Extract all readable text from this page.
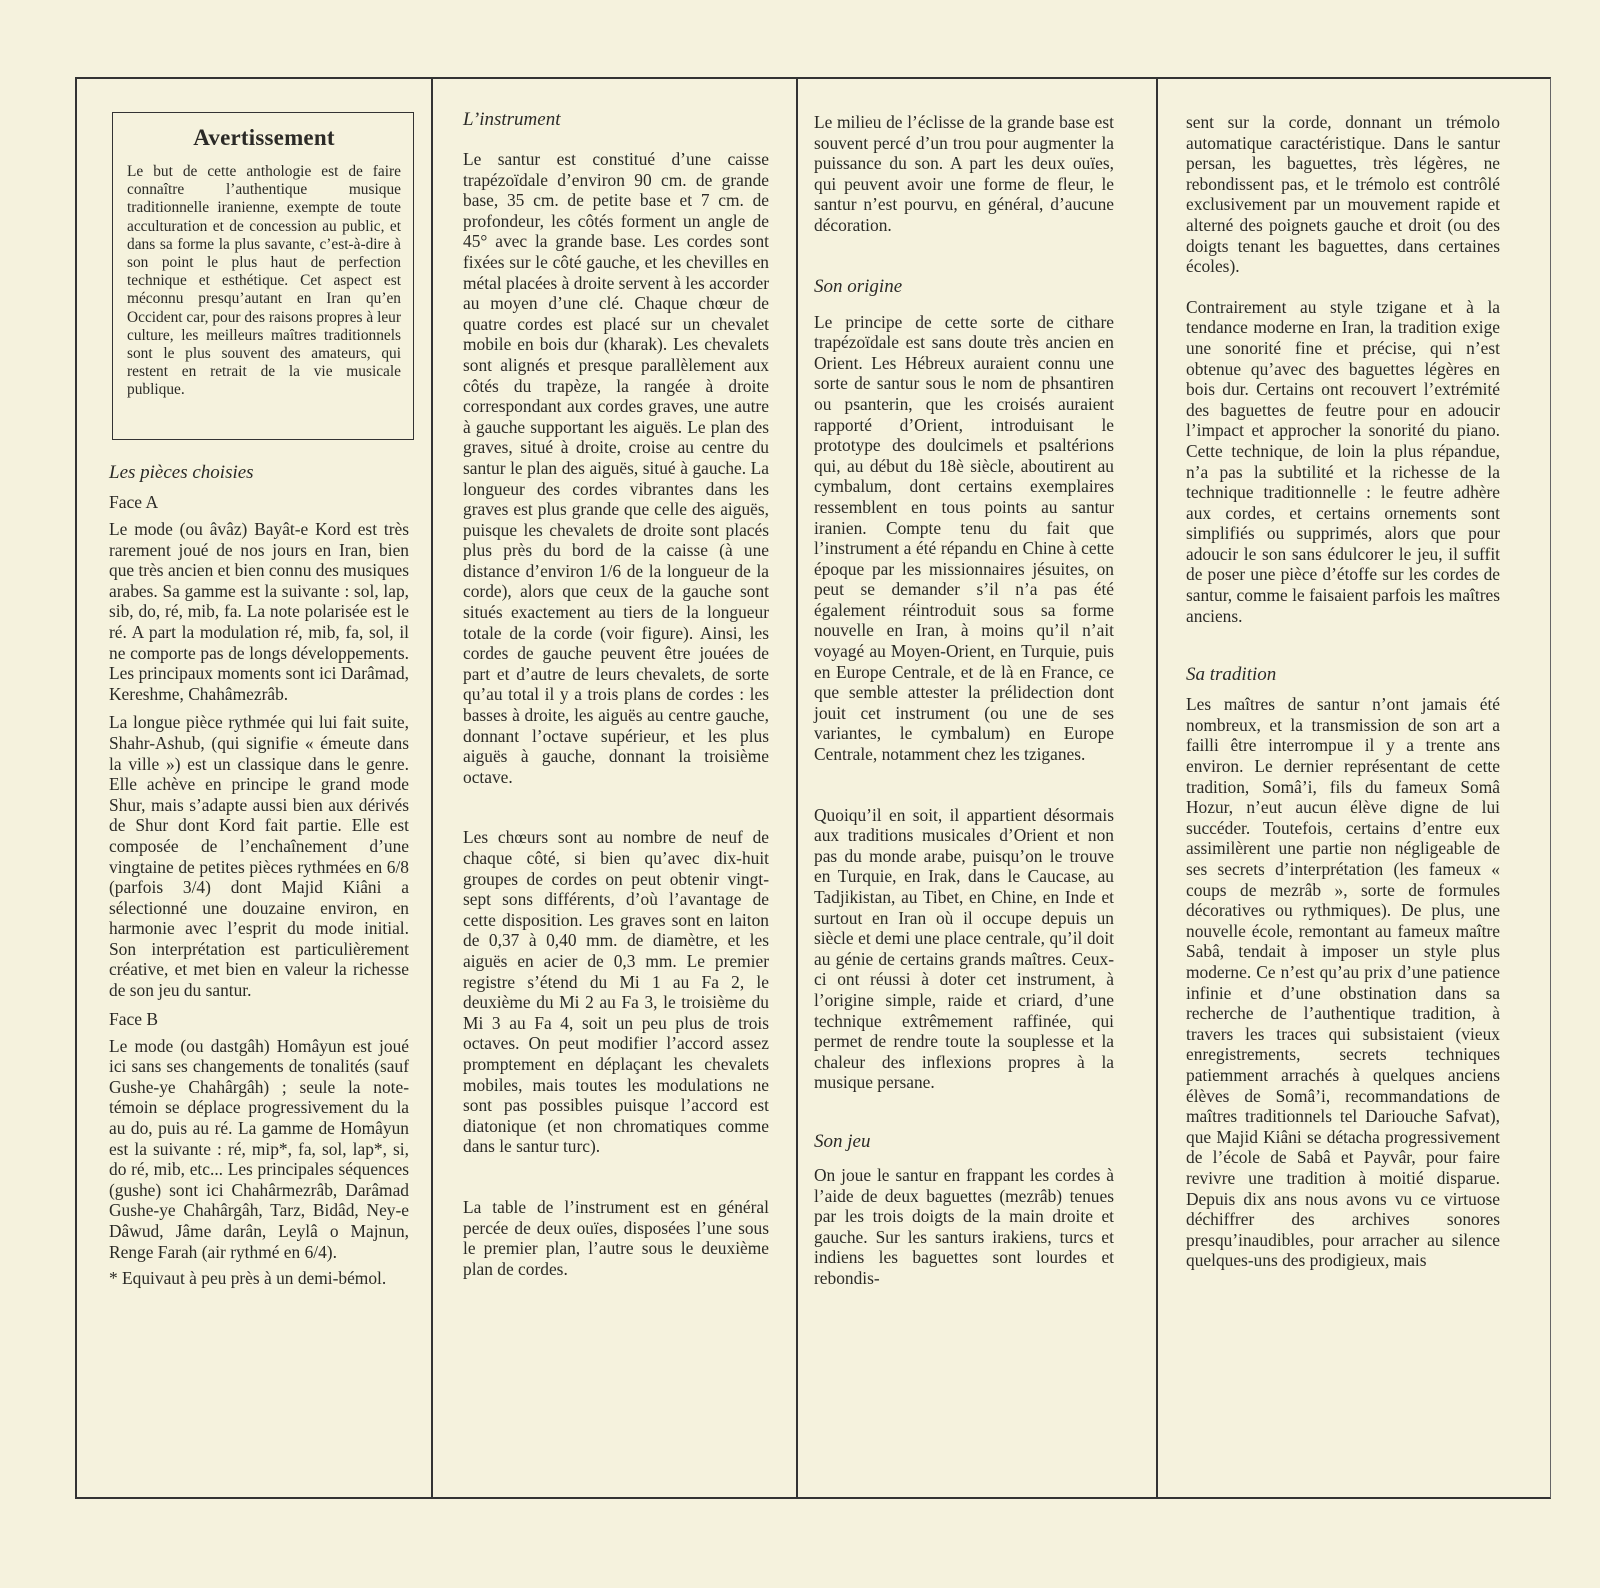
Avertissement

Le but de cette anthologie est de faire connaître l’authentique musique traditionnelle iranienne, exempte de toute acculturation et de concession au public, et dans sa forme la plus savante, c’est-à-dire à son point le plus haut de perfection technique et esthétique. Cet aspect est méconnu presqu’autant en Iran qu’en Occident car, pour des raisons propres à leur culture, les meilleurs maîtres traditionnels sont le plus souvent des amateurs, qui restent en retrait de la vie musicale publique.

Les pièces choisies

Face A

Le mode (ou âvâz) Bayât-e Kord est très rarement joué de nos jours en Iran, bien que très ancien et bien connu des musiques arabes. Sa gamme est la suivante : sol, lap, sib, do, ré, mib, fa. La note polarisée est le ré. A part la modulation ré, mib, fa, sol, il ne comporte pas de longs développements. Les principaux moments sont ici Darâmad, Kereshme, Chahâmezrâb.

La longue pièce rythmée qui lui fait suite, Shahr-Ashub, (qui signifie « émeute dans la ville ») est un classique dans le genre. Elle achève en principe le grand mode Shur, mais s’adapte aussi bien aux dérivés de Shur dont Kord fait partie. Elle est composée de l’enchaînement d’une vingtaine de petites pièces rythmées en 6/8 (parfois 3/4) dont Majid Kiâni a sélectionné une douzaine environ, en harmonie avec l’esprit du mode initial. Son interprétation est particulièrement créative, et met bien en valeur la richesse de son jeu du santur.

Face B

Le mode (ou dastgâh) Homâyun est joué ici sans ses changements de tonalités (sauf Gushe-ye Chahârgâh) ; seule la note-témoin se déplace progressivement du la au do, puis au ré. La gamme de Homâyun est la suivante : ré, mip*, fa, sol, lap*, si, do ré, mib, etc... Les principales séquences (gushe) sont ici Chahârmezrâb, Darâmad Gushe-ye Chahârgâh, Tarz, Bidâd, Ney-e Dâwud, Jâme darân, Leylâ o Majnun, Renge Farah (air rythmé en 6/4).

* Equivaut à peu près à un demi-bémol.

L’instrument

Le santur est constitué d’une caisse trapézoïdale d’environ 90 cm. de grande base, 35 cm. de petite base et 7 cm. de profondeur, les côtés forment un angle de 45° avec la grande base. Les cordes sont fixées sur le côté gauche, et les chevilles en métal placées à droite servent à les accorder au moyen d’une clé. Chaque chœur de quatre cordes est placé sur un chevalet mobile en bois dur (kharak). Les chevalets sont alignés et presque parallèlement aux côtés du trapèze, la rangée à droite correspondant aux cordes graves, une autre à gauche supportant les aiguës. Le plan des graves, situé à droite, croise au centre du santur le plan des aiguës, situé à gauche. La longueur des cordes vibrantes dans les graves est plus grande que celle des aiguës, puisque les chevalets de droite sont placés plus près du bord de la caisse (à une distance d’environ 1/6 de la longueur de la corde), alors que ceux de la gauche sont situés exactement au tiers de la longueur totale de la corde (voir figure). Ainsi, les cordes de gauche peuvent être jouées de part et d’autre de leurs chevalets, de sorte qu’au total il y a trois plans de cordes : les basses à droite, les aiguës au centre gauche, donnant l’octave supérieur, et les plus aiguës à gauche, donnant la troisième octave.

Les chœurs sont au nombre de neuf de chaque côté, si bien qu’avec dix-huit groupes de cordes on peut obtenir vingt-sept sons différents, d’où l’avantage de cette disposition. Les graves sont en laiton de 0,37 à 0,40 mm. de diamètre, et les aiguës en acier de 0,3 mm. Le premier registre s’étend du Mi 1 au Fa 2, le deuxième du Mi 2 au Fa 3, le troisième du Mi 3 au Fa 4, soit un peu plus de trois octaves. On peut modifier l’accord assez promptement en déplaçant les chevalets mobiles, mais toutes les modulations ne sont pas possibles puisque l’accord est diatonique (et non chromatiques comme dans le santur turc).

La table de l’instrument est en général percée de deux ouïes, disposées l’une sous le premier plan, l’autre sous le deuxième plan de cordes.

Le milieu de l’éclisse de la grande base est souvent percé d’un trou pour augmenter la puissance du son. A part les deux ouïes, qui peuvent avoir une forme de fleur, le santur n’est pourvu, en général, d’aucune décoration.

Son origine

Le principe de cette sorte de cithare trapézoïdale est sans doute très ancien en Orient. Les Hébreux auraient connu une sorte de santur sous le nom de phsantiren ou psanterin, que les croisés auraient rapporté d’Orient, introduisant le prototype des doulcimels et psaltérions qui, au début du 18è siècle, aboutirent au cymbalum, dont certains exemplaires ressemblent en tous points au santur iranien. Compte tenu du fait que l’instrument a été répandu en Chine à cette époque par les missionnaires jésuites, on peut se demander s’il n’a pas été également réintroduit sous sa forme nouvelle en Iran, à moins qu’il n’ait voyagé au Moyen-Orient, en Turquie, puis en Europe Centrale, et de là en France, ce que semble attester la prélidection dont jouit cet instrument (ou une de ses variantes, le cymbalum) en Europe Centrale, notamment chez les tziganes.

Quoiqu’il en soit, il appartient désormais aux traditions musicales d’Orient et non pas du monde arabe, puisqu’on le trouve en Turquie, en Irak, dans le Caucase, au Tadjikistan, au Tibet, en Chine, en Inde et surtout en Iran où il occupe depuis un siècle et demi une place centrale, qu’il doit au génie de certains grands maîtres. Ceux-ci ont réussi à doter cet instrument, à l’origine simple, raide et criard, d’une technique extrêmement raffinée, qui permet de rendre toute la souplesse et la chaleur des inflexions propres à la musique persane.

Son jeu

On joue le santur en frappant les cordes à l’aide de deux baguettes (mezrâb) tenues par les trois doigts de la main droite et gauche. Sur les santurs irakiens, turcs et indiens les baguettes sont lourdes et rebondis-

sent sur la corde, donnant un trémolo automatique caractéristique. Dans le santur persan, les baguettes, très légères, ne rebondissent pas, et le trémolo est contrôlé exclusivement par un mouvement rapide et alterné des poignets gauche et droit (ou des doigts tenant les baguettes, dans certaines écoles).

Contrairement au style tzigane et à la tendance moderne en Iran, la tradition exige une sonorité fine et précise, qui n’est obtenue qu’avec des baguettes légères en bois dur. Certains ont recouvert l’extrémité des baguettes de feutre pour en adoucir l’impact et approcher la sonorité du piano. Cette technique, de loin la plus répandue, n’a pas la subtilité et la richesse de la technique traditionnelle : le feutre adhère aux cordes, et certains ornements sont simplifiés ou supprimés, alors que pour adoucir le son sans édulcorer le jeu, il suffit de poser une pièce d’étoffe sur les cordes de santur, comme le faisaient parfois les maîtres anciens.

Sa tradition

Les maîtres de santur n’ont jamais été nombreux, et la transmission de son art a failli être interrompue il y a trente ans environ. Le dernier représentant de cette tradition, Somâ’i, fils du fameux Somâ Hozur, n’eut aucun élève digne de lui succéder. Toutefois, certains d’entre eux assimilèrent une partie non négligeable de ses secrets d’interprétation (les fameux « coups de mezrâb », sorte de formules décoratives ou rythmiques). De plus, une nouvelle école, remontant au fameux maître Sabâ, tendait à imposer un style plus moderne. Ce n’est qu’au prix d’une patience infinie et d’une obstination dans sa recherche de l’authentique tradition, à travers les traces qui subsistaient (vieux enregistrements, secrets techniques patiemment arrachés à quelques anciens élèves de Somâ’i, recommandations de maîtres traditionnels tel Dariouche Safvat), que Majid Kiâni se détacha progressivement de l’école de Sabâ et Payvâr, pour faire revivre une tradition à moitié disparue. Depuis dix ans nous avons vu ce virtuose déchiffrer des archives sonores presqu’inaudibles, pour arracher au silence quelques-uns des prodigieux, mais
